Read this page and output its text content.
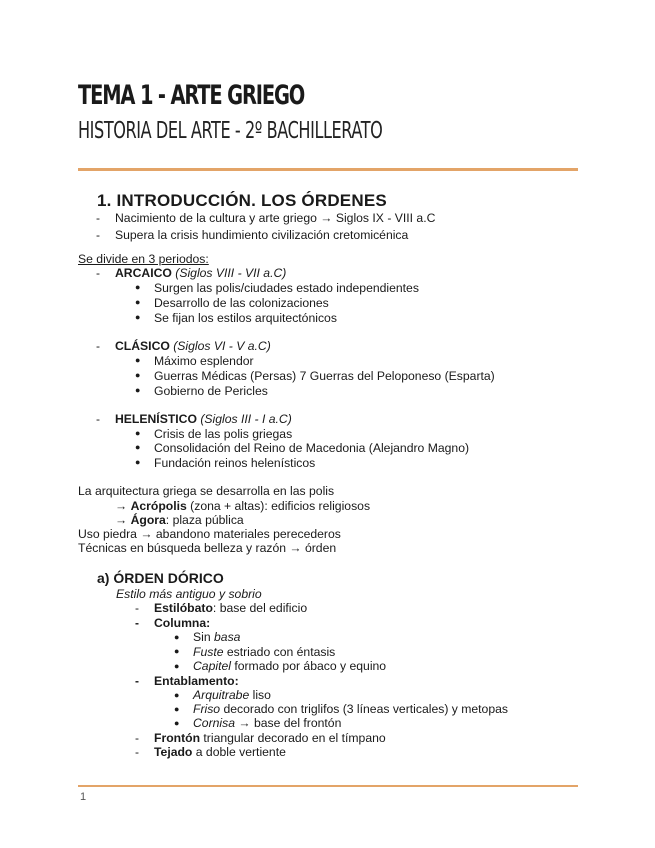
TEMA 1 - ARTE GRIEGO
HISTORIA DEL ARTE - 2º BACHILLERATO
1. INTRODUCCIÓN. LOS ÓRDENES
- Nacimiento de la cultura y arte griego → Siglos IX - VIII a.C
- Supera la crisis hundimiento civilización cretomicénica
Se divide en 3 periodos:
- ARCAICO (Siglos VIII - VII a.C)
● Surgen las polis/ciudades estado independientes
● Desarrollo de las colonizaciones
● Se fijan los estilos arquitectónicos
- CLÁSICO (Siglos VI - V a.C)
● Máximo esplendor
● Guerras Médicas (Persas) 7 Guerras del Peloponeso (Esparta)
● Gobierno de Pericles
- HELENÍSTICO (Siglos III - I a.C)
● Crisis de las polis griegas
● Consolidación del Reino de Macedonia (Alejandro Magno)
● Fundación reinos helenísticos
La arquitectura griega se desarrolla en las polis
→ Acrópolis (zona + altas): edificios religiosos
→ Ágora: plaza pública
Uso piedra → abandono materiales perecederos
Técnicas en búsqueda belleza y razón → órden
a) ÓRDEN DÓRICO
Estilo más antiguo y sobrio
- Estilóbato: base del edificio
- Columna:
● Sin basa
● Fuste estriado con éntasis
● Capitel formado por ábaco y equino
- Entablamento:
● Arquitrabe liso
● Friso decorado con triglifos (3 líneas verticales) y metopas
● Cornisa → base del frontón
- Frontón triangular decorado en el tímpano
- Tejado a doble vertiente
1
